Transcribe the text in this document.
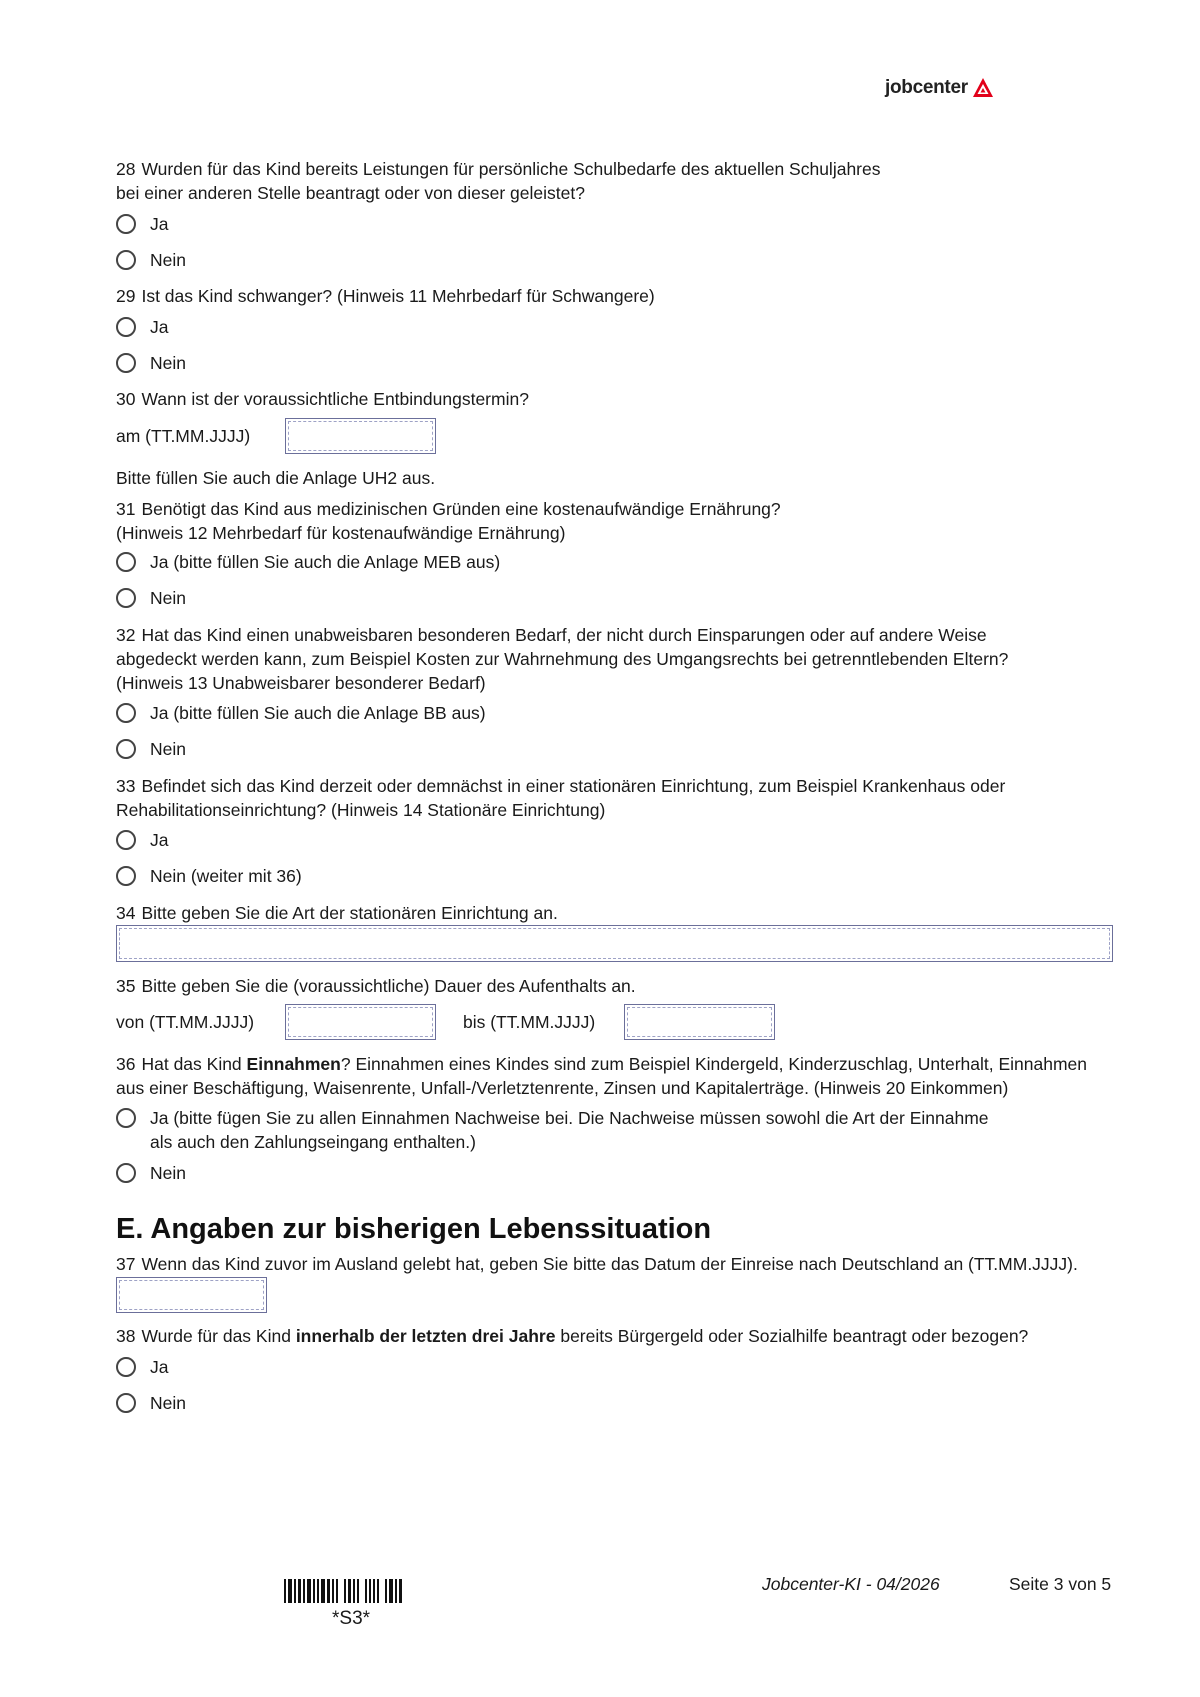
jobcenter
28 Wurden für das Kind bereits Leistungen für persönliche Schulbedarfe des aktuellen Schuljahres
bei einer anderen Stelle beantragt oder von dieser geleistet?
Ja
Nein
29 Ist das Kind schwanger? (Hinweis 11 Mehrbedarf für Schwangere)
Ja
Nein
30 Wann ist der voraussichtliche Entbindungstermin?
am (TT.MM.JJJJ)
Bitte füllen Sie auch die Anlage UH2 aus.
31 Benötigt das Kind aus medizinischen Gründen eine kostenaufwändige Ernährung?
(Hinweis 12 Mehrbedarf für kostenaufwändige Ernährung)
Ja (bitte füllen Sie auch die Anlage MEB aus)
Nein
32 Hat das Kind einen unabweisbaren besonderen Bedarf, der nicht durch Einsparungen oder auf andere Weise
abgedeckt werden kann, zum Beispiel Kosten zur Wahrnehmung des Umgangsrechts bei getrenntlebenden Eltern?
(Hinweis 13 Unabweisbarer besonderer Bedarf)
Ja (bitte füllen Sie auch die Anlage BB aus)
Nein
33 Befindet sich das Kind derzeit oder demnächst in einer stationären Einrichtung, zum Beispiel Krankenhaus oder
Rehabilitationseinrichtung? (Hinweis 14 Stationäre Einrichtung)
Ja
Nein (weiter mit 36)
34 Bitte geben Sie die Art der stationären Einrichtung an.
35 Bitte geben Sie die (voraussichtliche) Dauer des Aufenthalts an.
von (TT.MM.JJJJ)	bis (TT.MM.JJJJ)
36 Hat das Kind Einnahmen? Einnahmen eines Kindes sind zum Beispiel Kindergeld, Kinderzuschlag, Unterhalt, Einnahmen
aus einer Beschäftigung, Waisenrente, Unfall-/Verletztenrente, Zinsen und Kapitalerträge. (Hinweis 20 Einkommen)
Ja (bitte fügen Sie zu allen Einnahmen Nachweise bei. Die Nachweise müssen sowohl die Art der Einnahme
als auch den Zahlungseingang enthalten.)
Nein
E. Angaben zur bisherigen Lebenssituation
37 Wenn das Kind zuvor im Ausland gelebt hat, geben Sie bitte das Datum der Einreise nach Deutschland an (TT.MM.JJJJ).
38 Wurde für das Kind innerhalb der letzten drei Jahre bereits Bürgergeld oder Sozialhilfe beantragt oder bezogen?
Ja
Nein
*S3*
Jobcenter-KI - 04/2026	Seite 3 von 5
